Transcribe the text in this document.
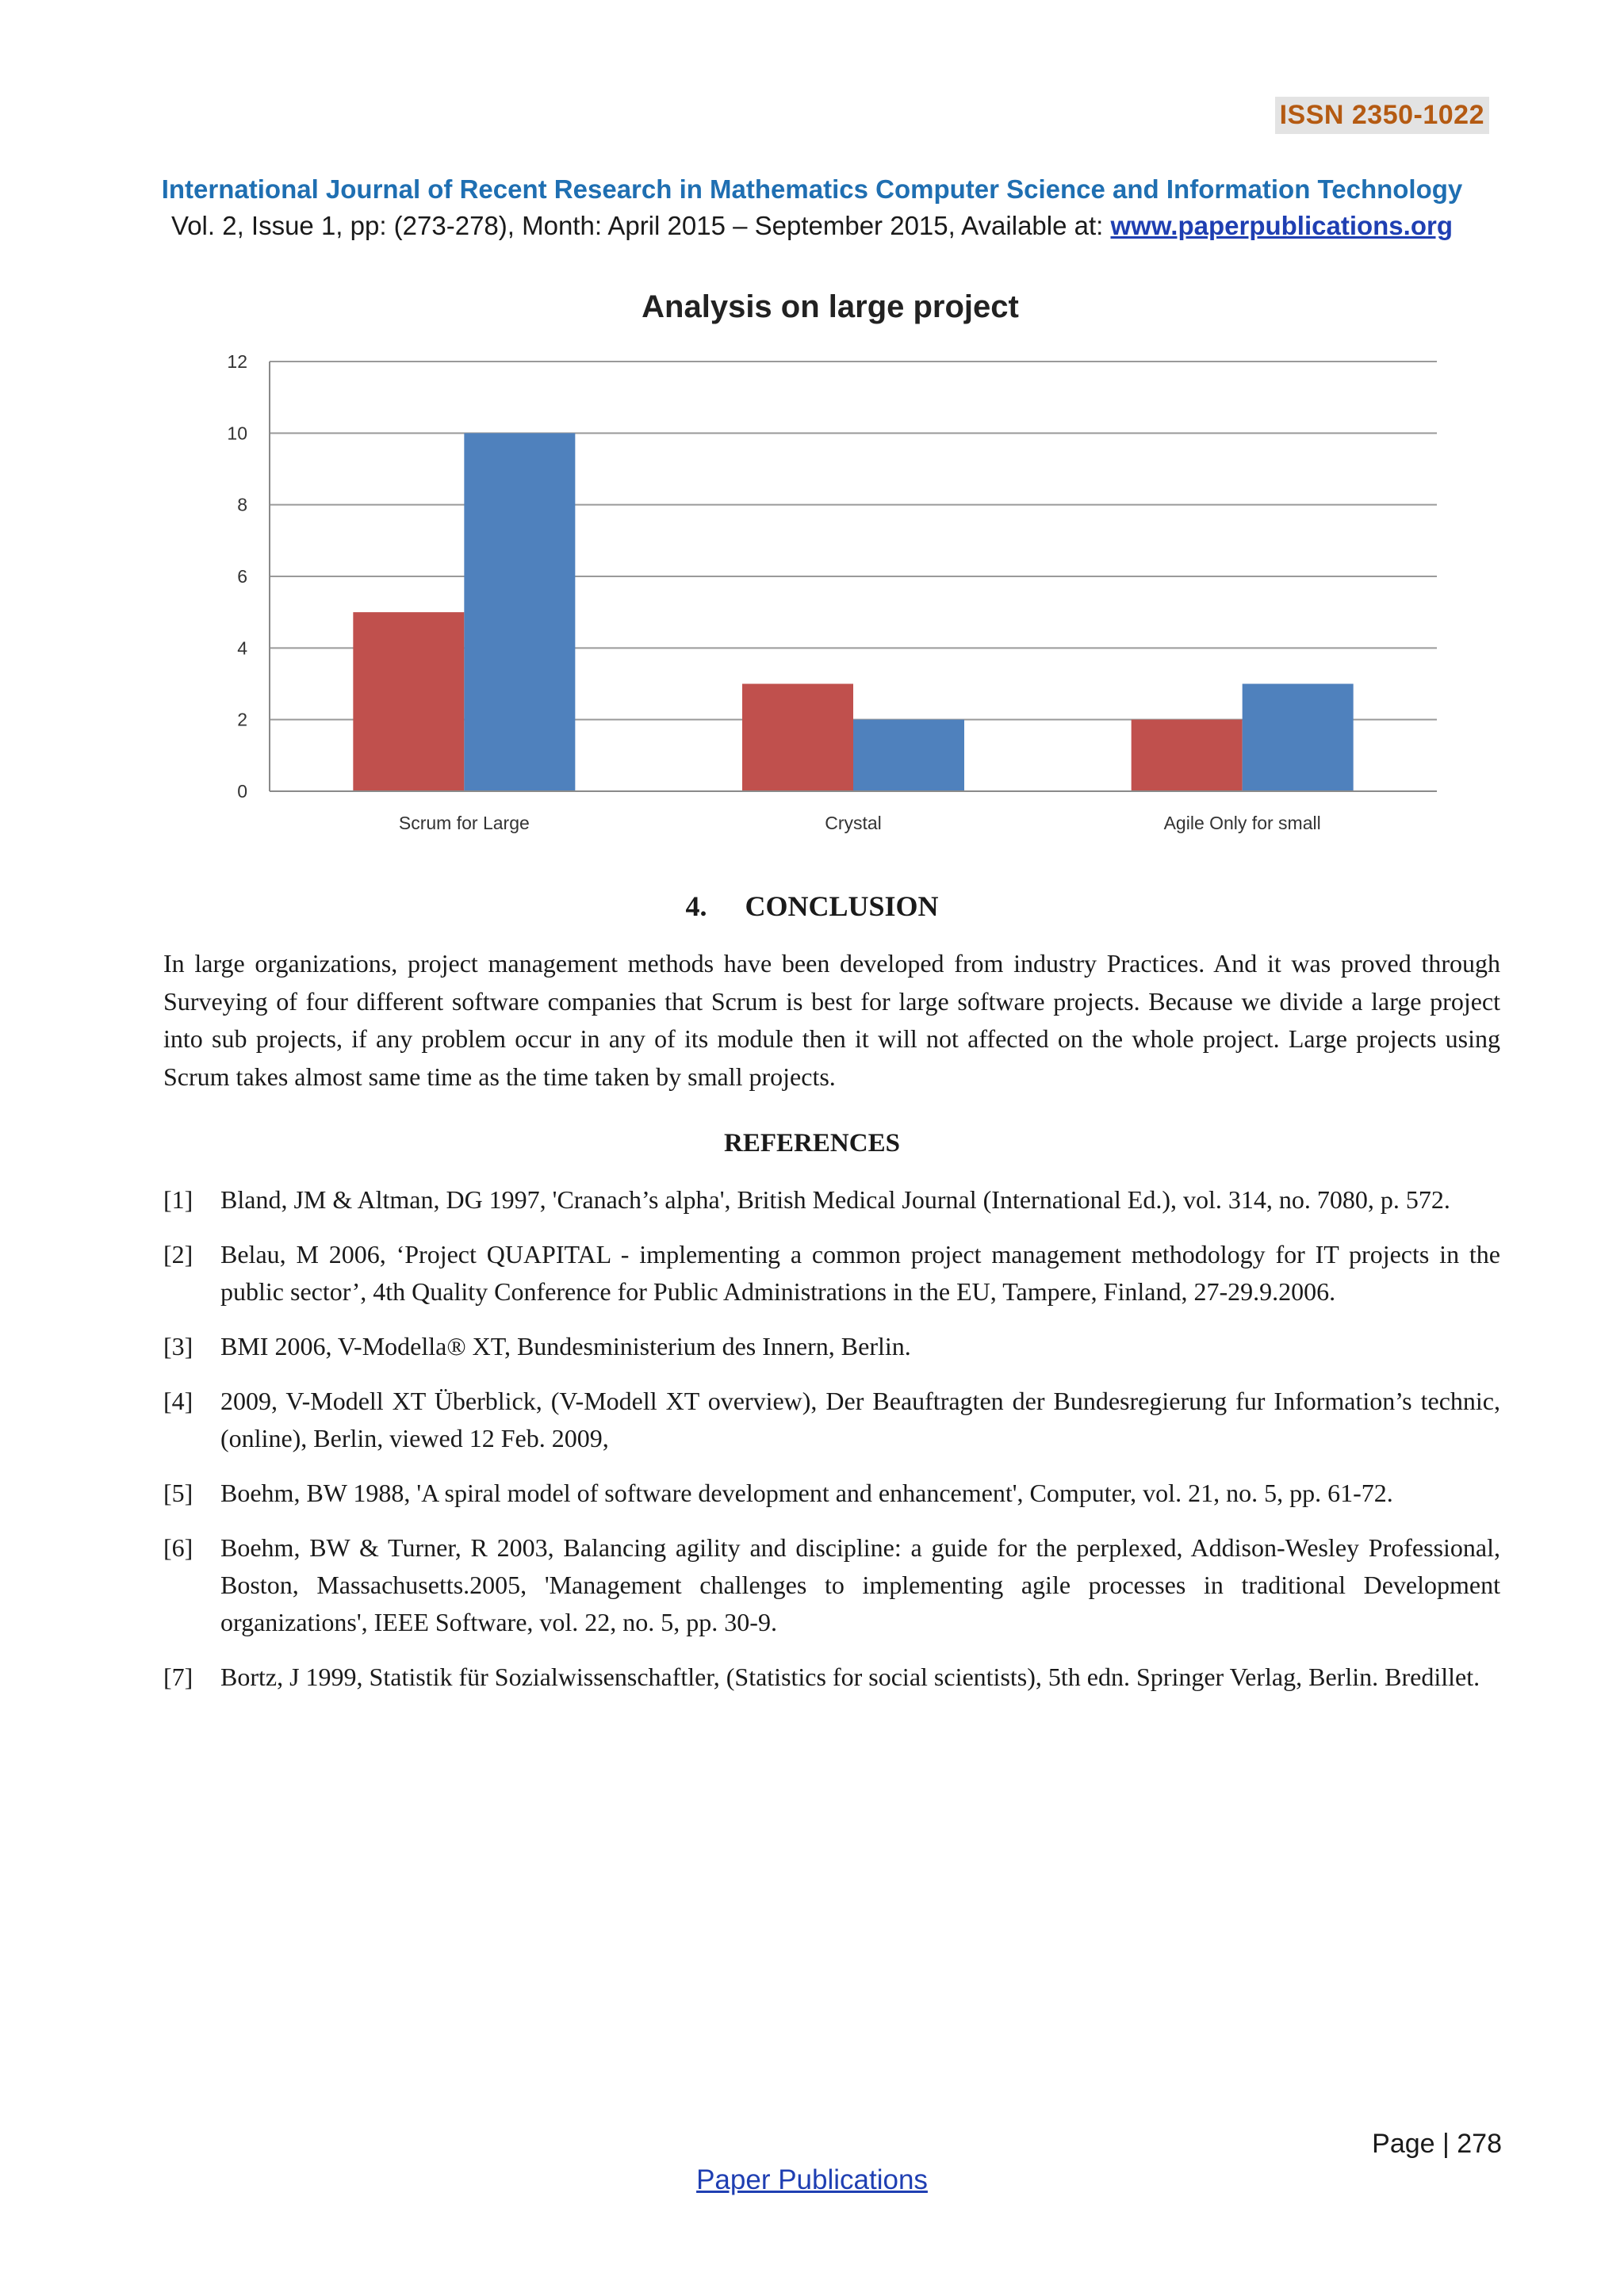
ISSN 2350-1022
International Journal of Recent Research in Mathematics Computer Science and Information Technology
Vol. 2, Issue 1, pp: (273-278), Month: April 2015 – September 2015, Available at: www.paperpublications.org
Analysis on large project
0
2
4
6
8
10
12
Scrum for Large	Crystal	Agile Only for small
4. CONCLUSION

In large organizations, project management methods have been developed from industry Practices. And it was proved through Surveying of four different software companies that Scrum is best for large software projects. Because we divide a large project into sub projects, if any problem occur in any of its module then it will not affected on the whole project. Large projects using Scrum takes almost same time as the time taken by small projects.

REFERENCES
[1] Bland, JM & Altman, DG 1997, 'Cranach’s alpha', British Medical Journal (International Ed.), vol. 314, no. 7080, p. 572.
[2] Belau, M 2006, ‘Project QUAPITAL - implementing a common project management methodology for IT projects in the public sector’, 4th Quality Conference for Public Administrations in the EU, Tampere, Finland, 27-29.9.2006.
[3] BMI 2006, V-Modella® XT, Bundesministerium des Innern, Berlin.
[4] 2009, V-Modell XT Überblick, (V-Modell XT overview), Der Beauftragten der Bundesregierung fur Information’s technic, (online), Berlin, viewed 12 Feb. 2009,
[5] Boehm, BW 1988, 'A spiral model of software development and enhancement', Computer, vol. 21, no. 5, pp. 61-72.
[6] Boehm, BW & Turner, R 2003, Balancing agility and discipline: a guide for the perplexed, Addison-Wesley Professional, Boston, Massachusetts.2005, 'Management challenges to implementing agile processes in traditional Development organizations', IEEE Software, vol. 22, no. 5, pp. 30-9.
[7] Bortz, J 1999, Statistik für Sozialwissenschaftler, (Statistics for social scientists), 5th edn. Springer Verlag, Berlin. Bredillet.
Page | 278
Paper Publications
